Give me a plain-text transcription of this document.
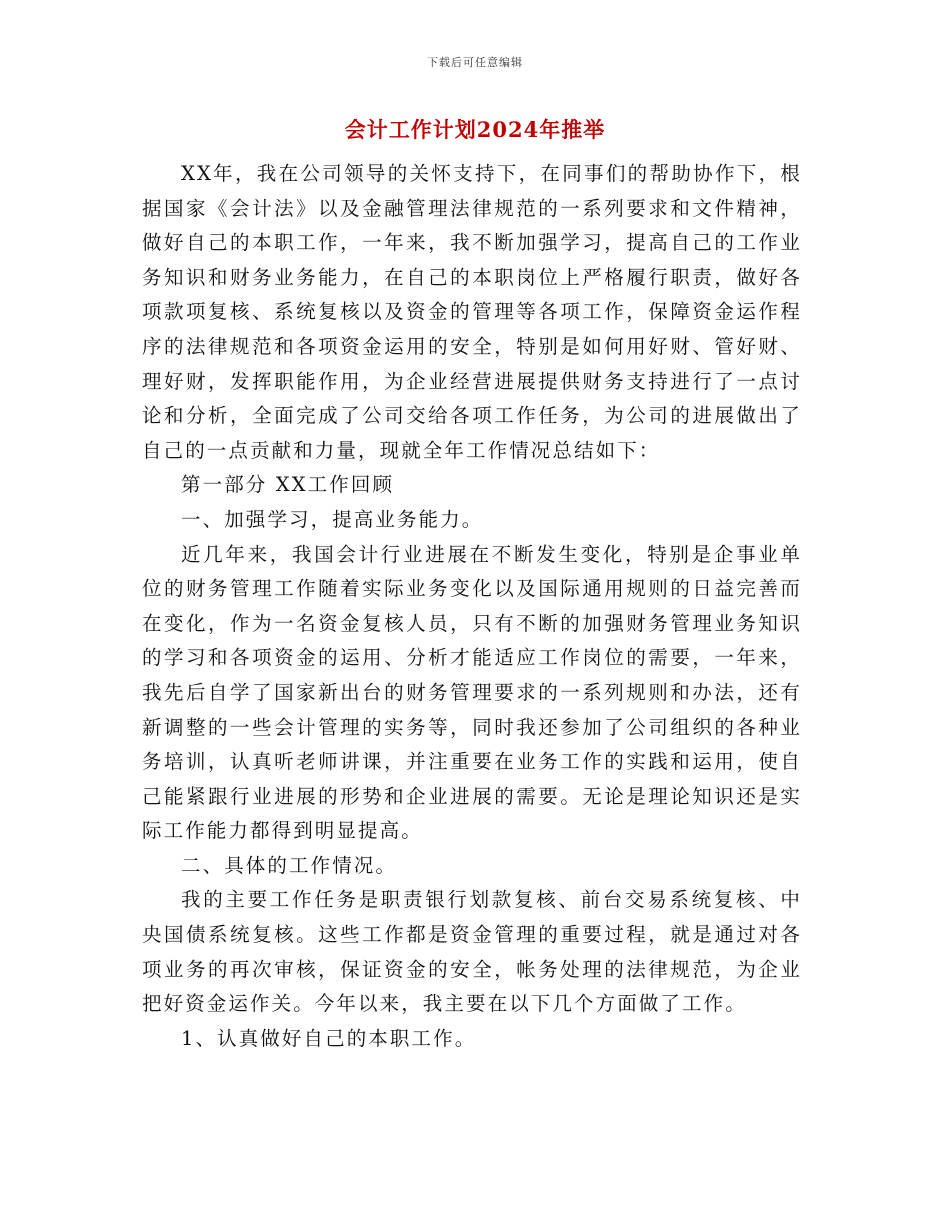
下载后可任意编辑
会计工作计划2024年推举

XX年，我在公司领导的关怀支持下，在同事们的帮助协作下，根据国家《会计法》以及金融管理法律规范的一系列要求和文件精神，做好自己的本职工作，一年来，我不断加强学习，提高自己的工作业务知识和财务业务能力，在自己的本职岗位上严格履行职责，做好各项款项复核、系统复核以及资金的管理等各项工作，保障资金运作程序的法律规范和各项资金运用的安全，特别是如何用好财、管好财、理好财，发挥职能作用，为企业经营进展提供财务支持进行了一点讨论和分析，全面完成了公司交给各项工作任务，为公司的进展做出了自己的一点贡献和力量，现就全年工作情况总结如下：

第一部分 XX工作回顾

一、加强学习，提高业务能力。

近几年来，我国会计行业进展在不断发生变化，特别是企事业单位的财务管理工作随着实际业务变化以及国际通用规则的日益完善而在变化，作为一名资金复核人员，只有不断的加强财务管理业务知识的学习和各项资金的运用、分析才能适应工作岗位的需要，一年来，我先后自学了国家新出台的财务管理要求的一系列规则和办法，还有新调整的一些会计管理的实务等，同时我还参加了公司组织的各种业务培训，认真听老师讲课，并注重要在业务工作的实践和运用，使自己能紧跟行业进展的形势和企业进展的需要。无论是理论知识还是实际工作能力都得到明显提高。

二、具体的工作情况。

我的主要工作任务是职责银行划款复核、前台交易系统复核、中央国债系统复核。这些工作都是资金管理的重要过程，就是通过对各项业务的再次审核，保证资金的安全，帐务处理的法律规范，为企业把好资金运作关。今年以来，我主要在以下几个方面做了工作。

1、认真做好自己的本职工作。
